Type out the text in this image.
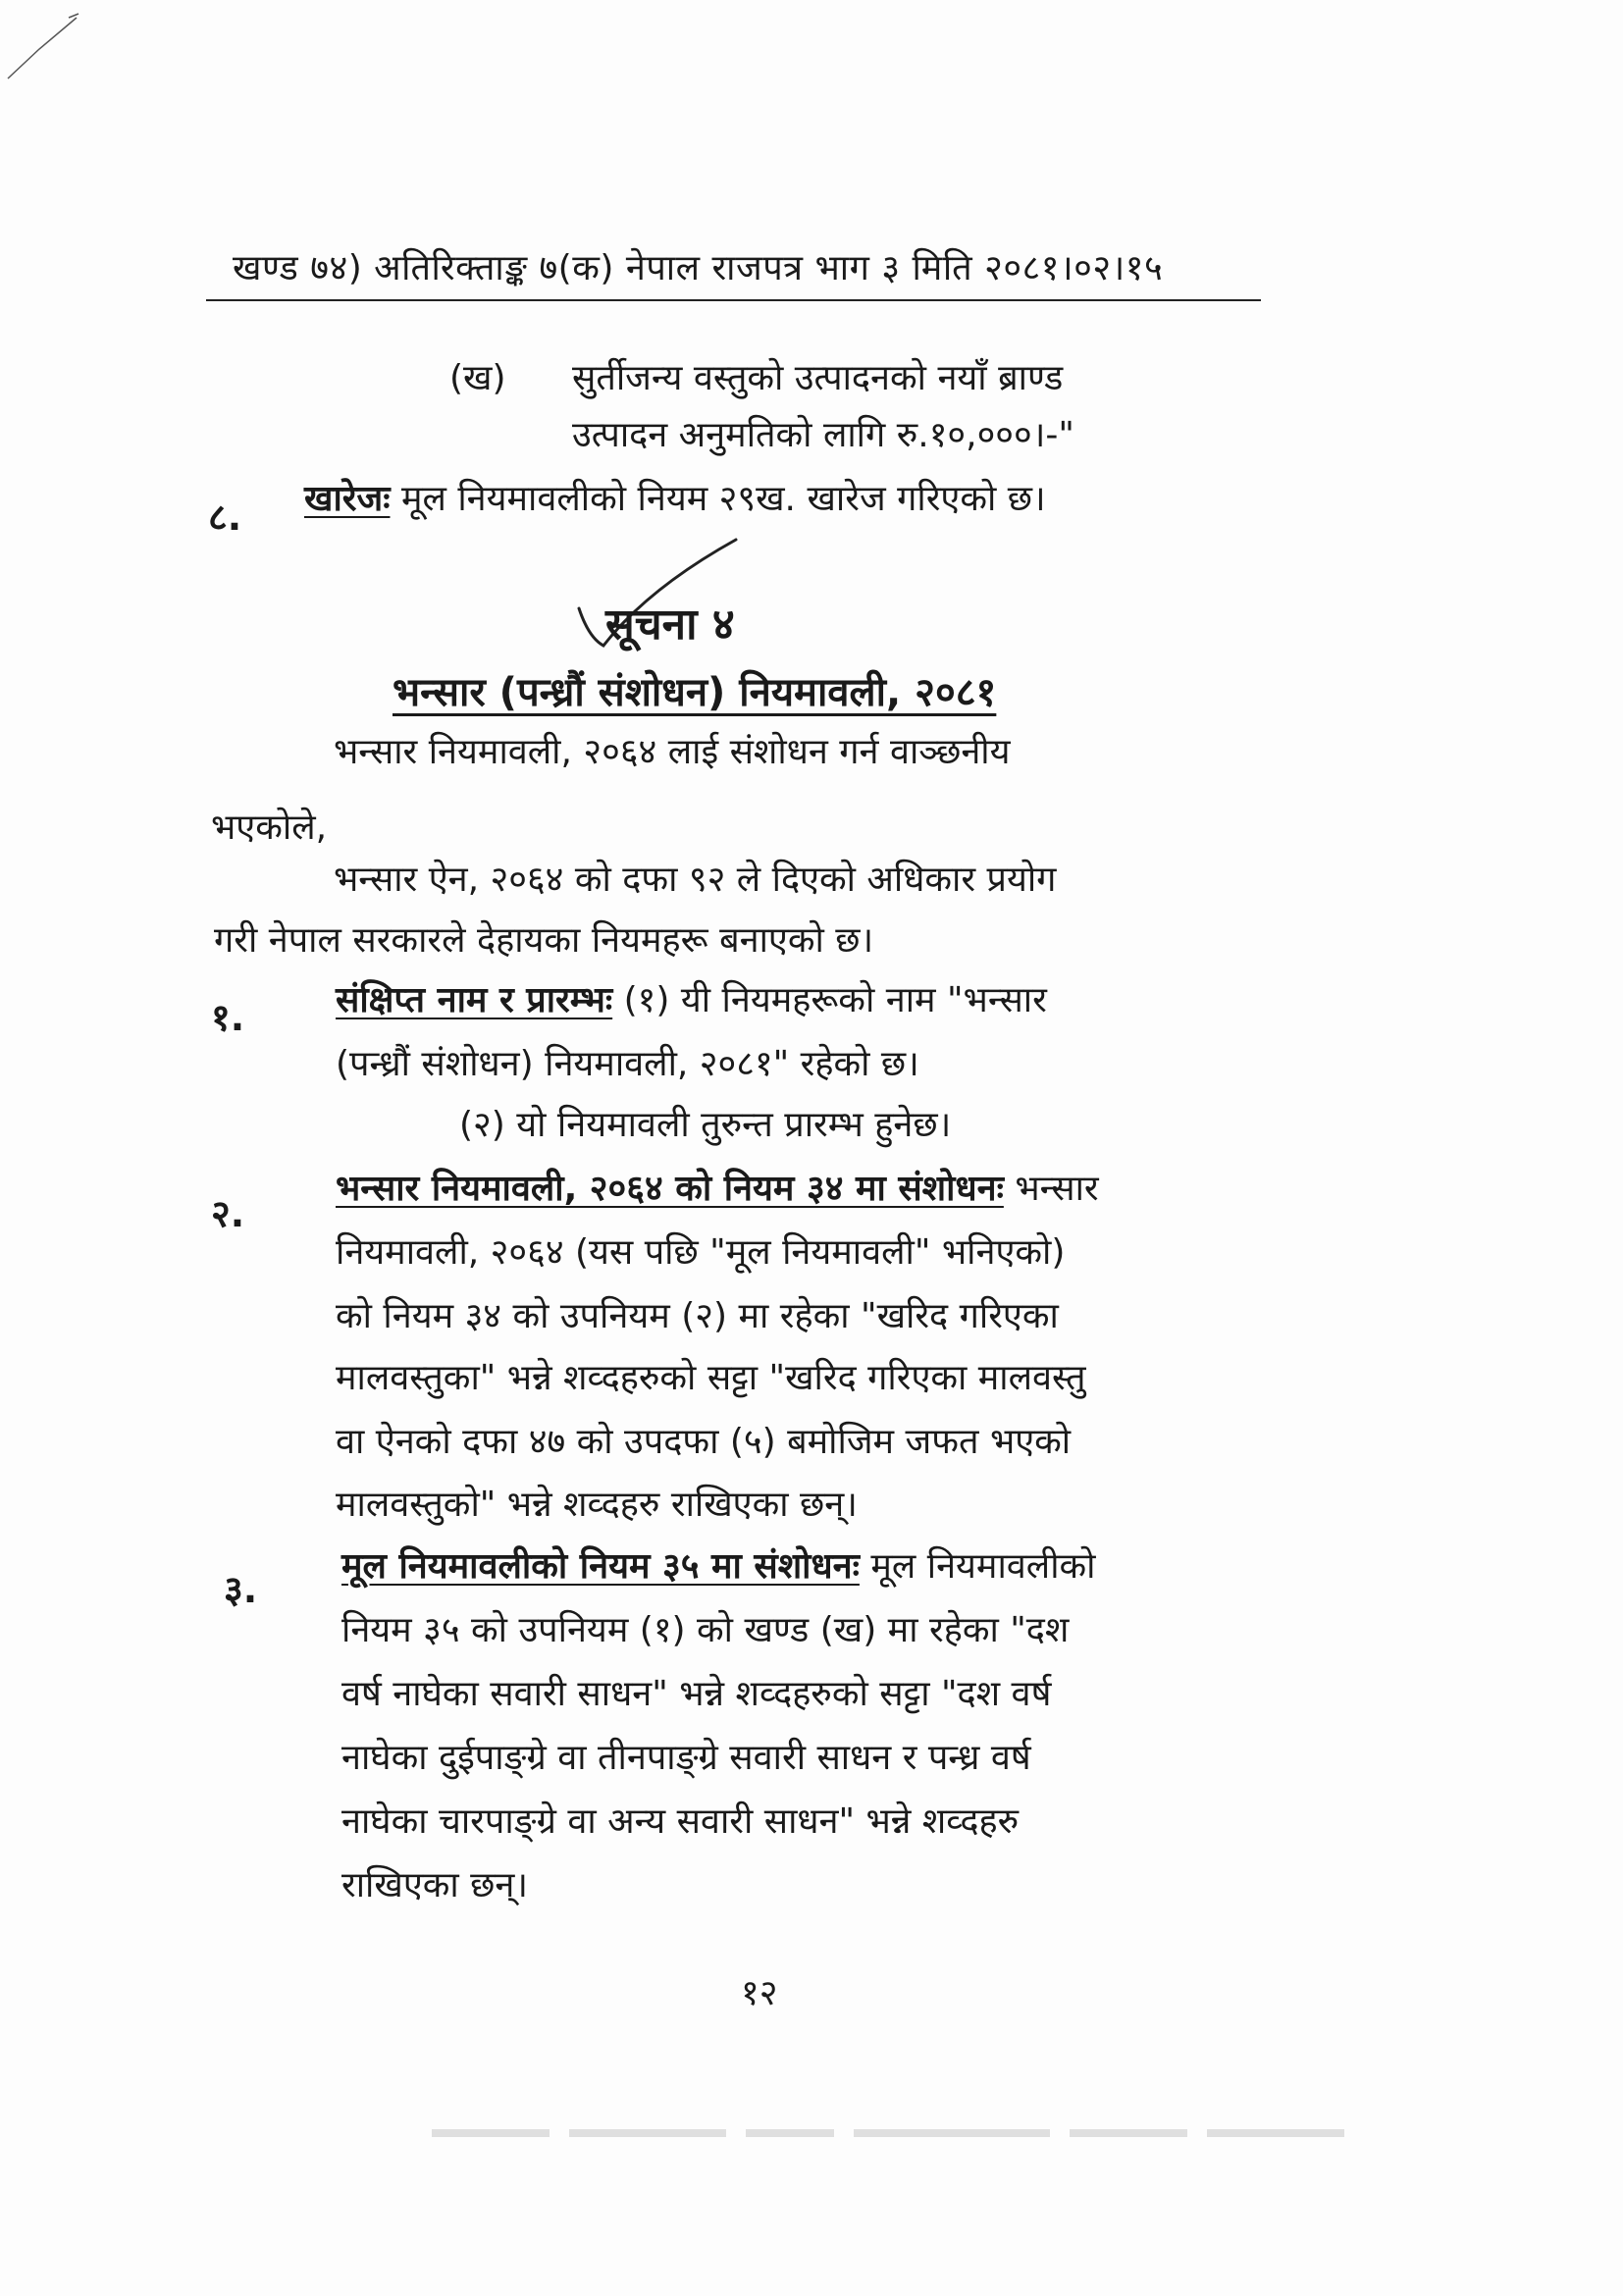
खण्ड ७४) अतिरिक्ताङ्क ७(क) नेपाल राजपत्र भाग ३ मिति २०८१।०२।१५
(ख) सुर्तीजन्य वस्तुको उत्पादनको नयाँ ब्राण्ड
उत्पादन अनुमतिको लागि रु.१०,०००।-"
८. खारेजः मूल नियमावलीको नियम २९ख. खारेज गरिएको छ।
सूचना ४
भन्सार (पन्ध्रौं संशोधन) नियमावली, २०८१
भन्सार नियमावली, २०६४ लाई संशोधन गर्न वाञ्छनीय
भएकोले,
भन्सार ऐन, २०६४ को दफा ९२ ले दिएको अधिकार प्रयोग
गरी नेपाल सरकारले देहायका नियमहरू बनाएको छ।
१.	संक्षिप्त नाम र प्रारम्भः (१) यी नियमहरूको नाम "भन्सार
(पन्ध्रौं संशोधन) नियमावली, २०८१" रहेको छ।
(२) यो नियमावली तुरुन्त प्रारम्भ हुनेछ।
२.
भन्सार नियमावली, २०६४ को नियम ३४ मा संशोधनः भन्सार
नियमावली, २०६४ (यस पछि "मूल नियमावली" भनिएको)
को नियम ३४ को उपनियम (२) मा रहेका "खरिद गरिएका
मालवस्तुका" भन्ने शव्दहरुको सट्टा "खरिद गरिएका मालवस्तु
वा ऐनको दफा ४७ को उपदफा (५) बमोजिम जफत भएको
मालवस्तुको" भन्ने शव्दहरु राखिएका छन्।
३.
मूल नियमावलीको नियम ३५ मा संशोधनः मूल नियमावलीको
नियम ३५ को उपनियम (१) को खण्ड (ख) मा रहेका "दश
वर्ष नाघेका सवारी साधन" भन्ने शव्दहरुको सट्टा "दश वर्ष
नाघेका दुईपाङ्ग्रे वा तीनपाङ्ग्रे सवारी साधन र पन्ध्र वर्ष
नाघेका चारपाङ्ग्रे वा अन्य सवारी साधन" भन्ने शव्दहरु
राखिएका छन्।
१२
